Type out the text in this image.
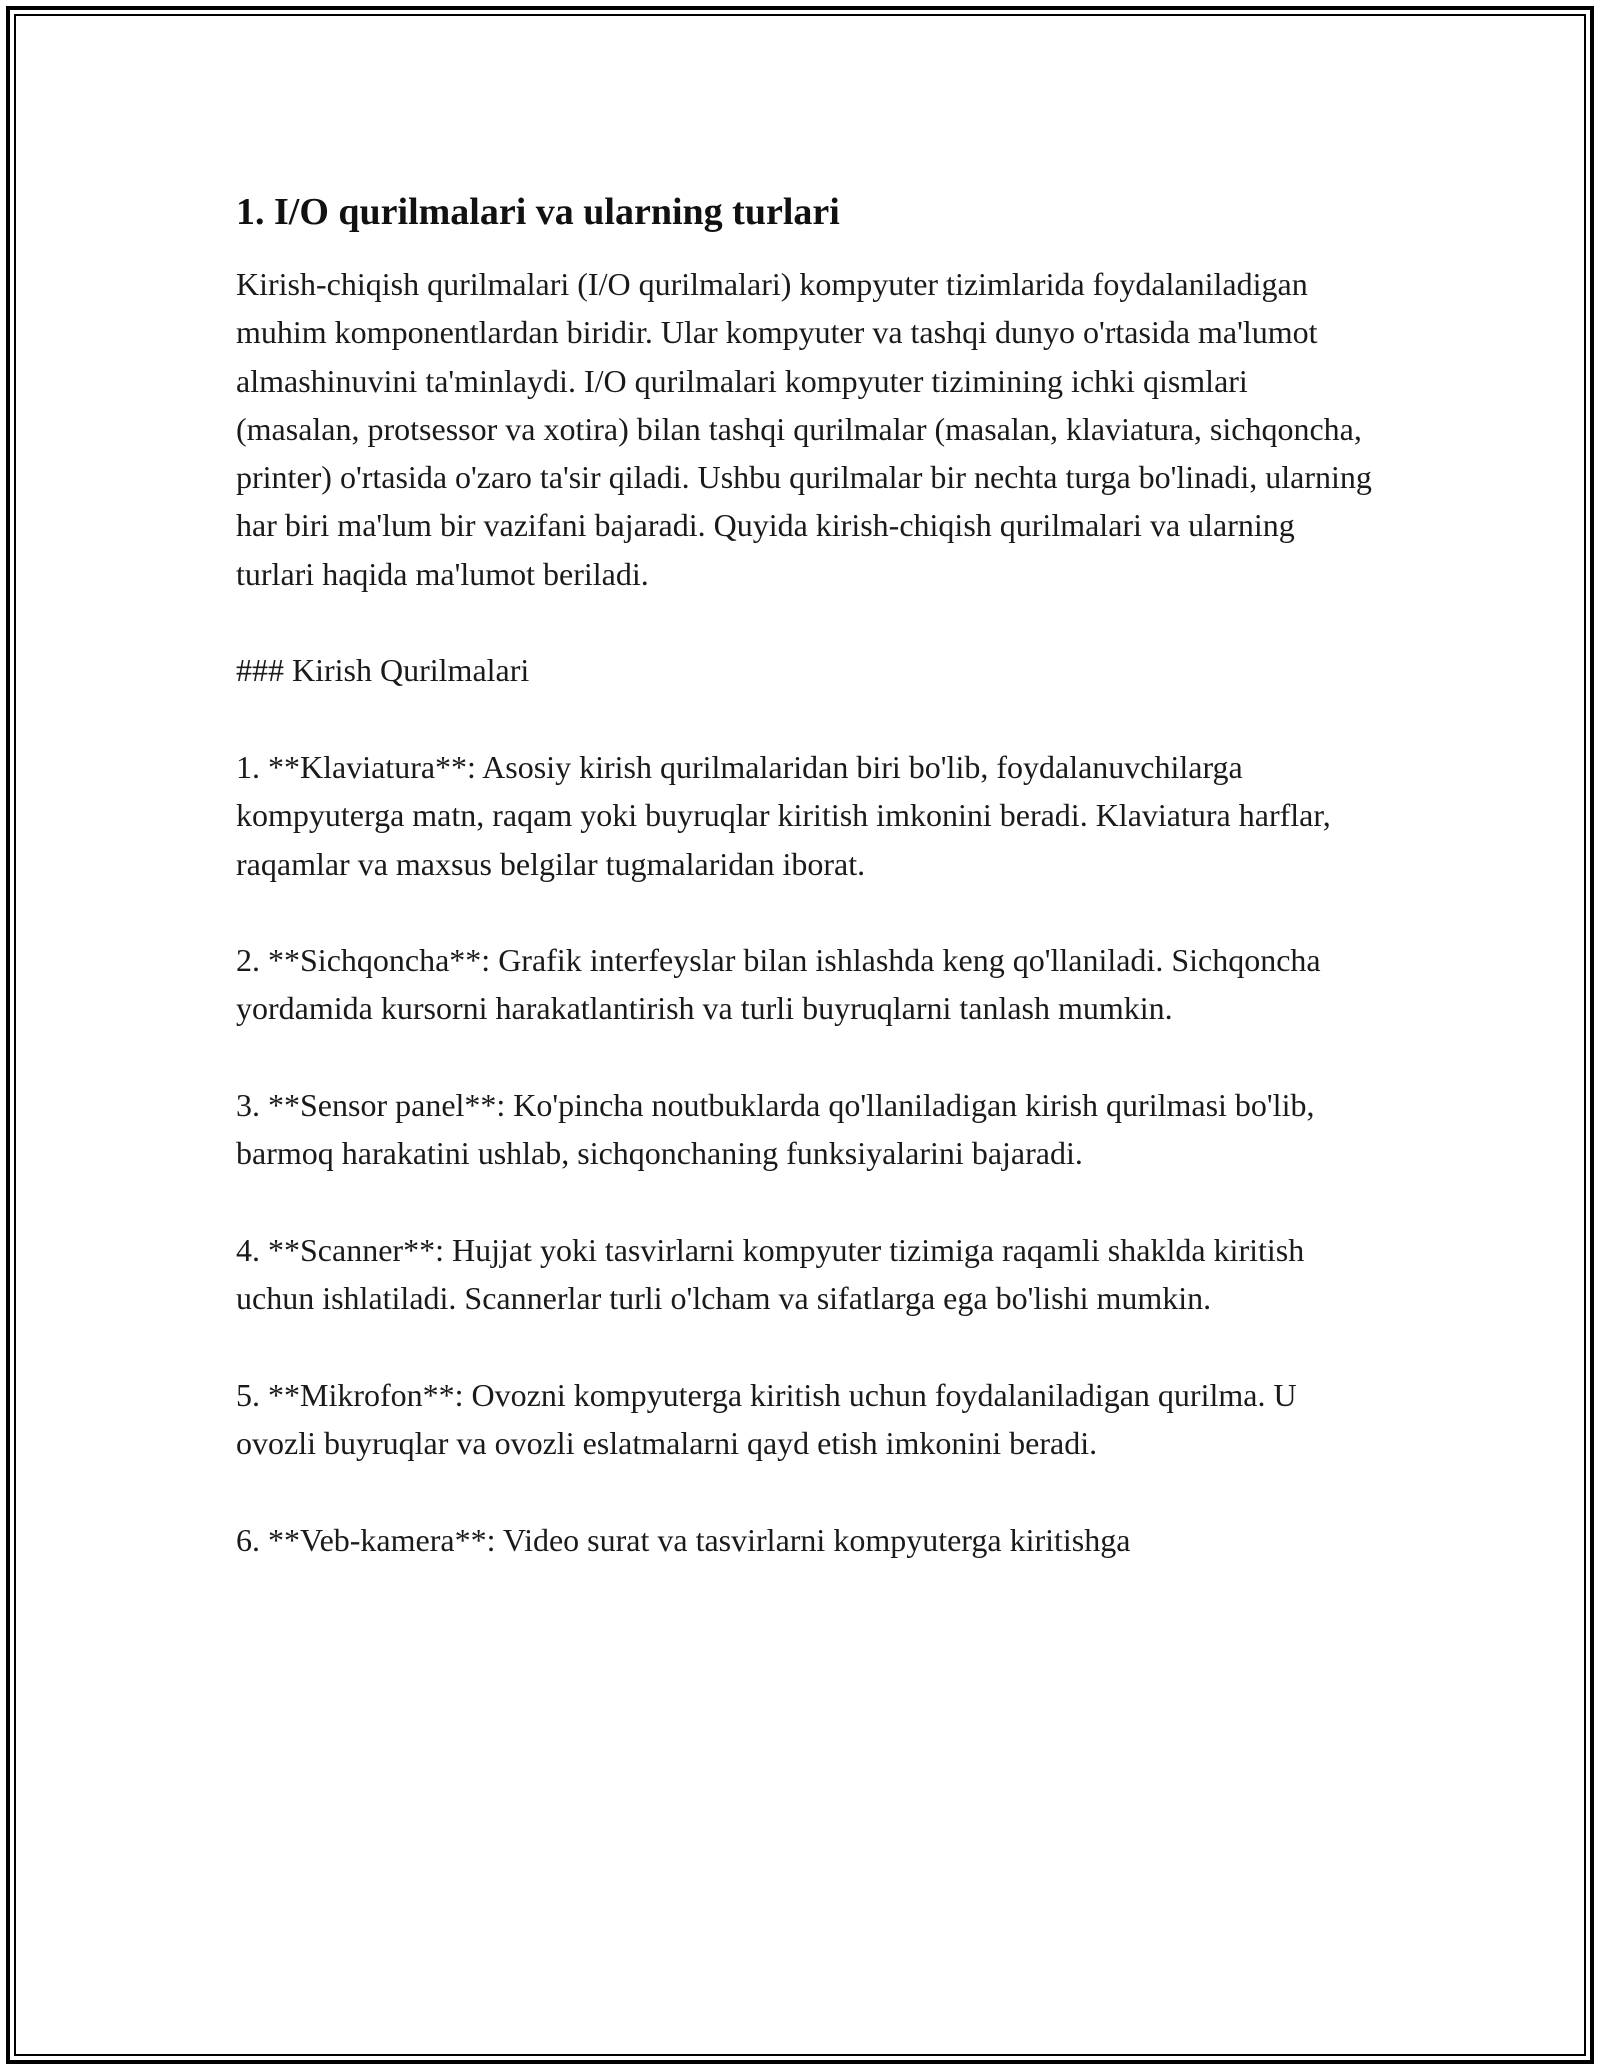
1. I/O qurilmalari va ularning turlari

Kirish-chiqish qurilmalari (I/O qurilmalari) kompyuter tizimlarida foydalaniladigan muhim komponentlardan biridir. Ular kompyuter va tashqi dunyo o'rtasida ma'lumot almashinuvini ta'minlaydi. I/O qurilmalari kompyuter tizimining ichki qismlari (masalan, protsessor va xotira) bilan tashqi qurilmalar (masalan, klaviatura, sichqoncha, printer) o'rtasida o'zaro ta'sir qiladi. Ushbu qurilmalar bir nechta turga bo'linadi, ularning har biri ma'lum bir vazifani bajaradi. Quyida kirish-chiqish qurilmalari va ularning turlari haqida ma'lumot beriladi.

### Kirish Qurilmalari

1. **Klaviatura**: Asosiy kirish qurilmalaridan biri bo'lib, foydalanuvchilarga kompyuterga matn, raqam yoki buyruqlar kiritish imkonini beradi. Klaviatura harflar, raqamlar va maxsus belgilar tugmalaridan iborat.

2. **Sichqoncha**: Grafik interfeyslar bilan ishlashda keng qo'llaniladi. Sichqoncha yordamida kursorni harakatlantirish va turli buyruqlarni tanlash mumkin.

3. **Sensor panel**: Ko'pincha noutbuklarda qo'llaniladigan kirish qurilmasi bo'lib, barmoq harakatini ushlab, sichqonchaning funksiyalarini bajaradi.

4. **Scanner**: Hujjat yoki tasvirlarni kompyuter tizimiga raqamli shaklda kiritish uchun ishlatiladi. Scannerlar turli o'lcham va sifatlarga ega bo'lishi mumkin.

5. **Mikrofon**: Ovozni kompyuterga kiritish uchun foydalaniladigan qurilma. U ovozli buyruqlar va ovozli eslatmalarni qayd etish imkonini beradi.

6. **Veb-kamera**: Video surat va tasvirlarni kompyuterga kiritishga
